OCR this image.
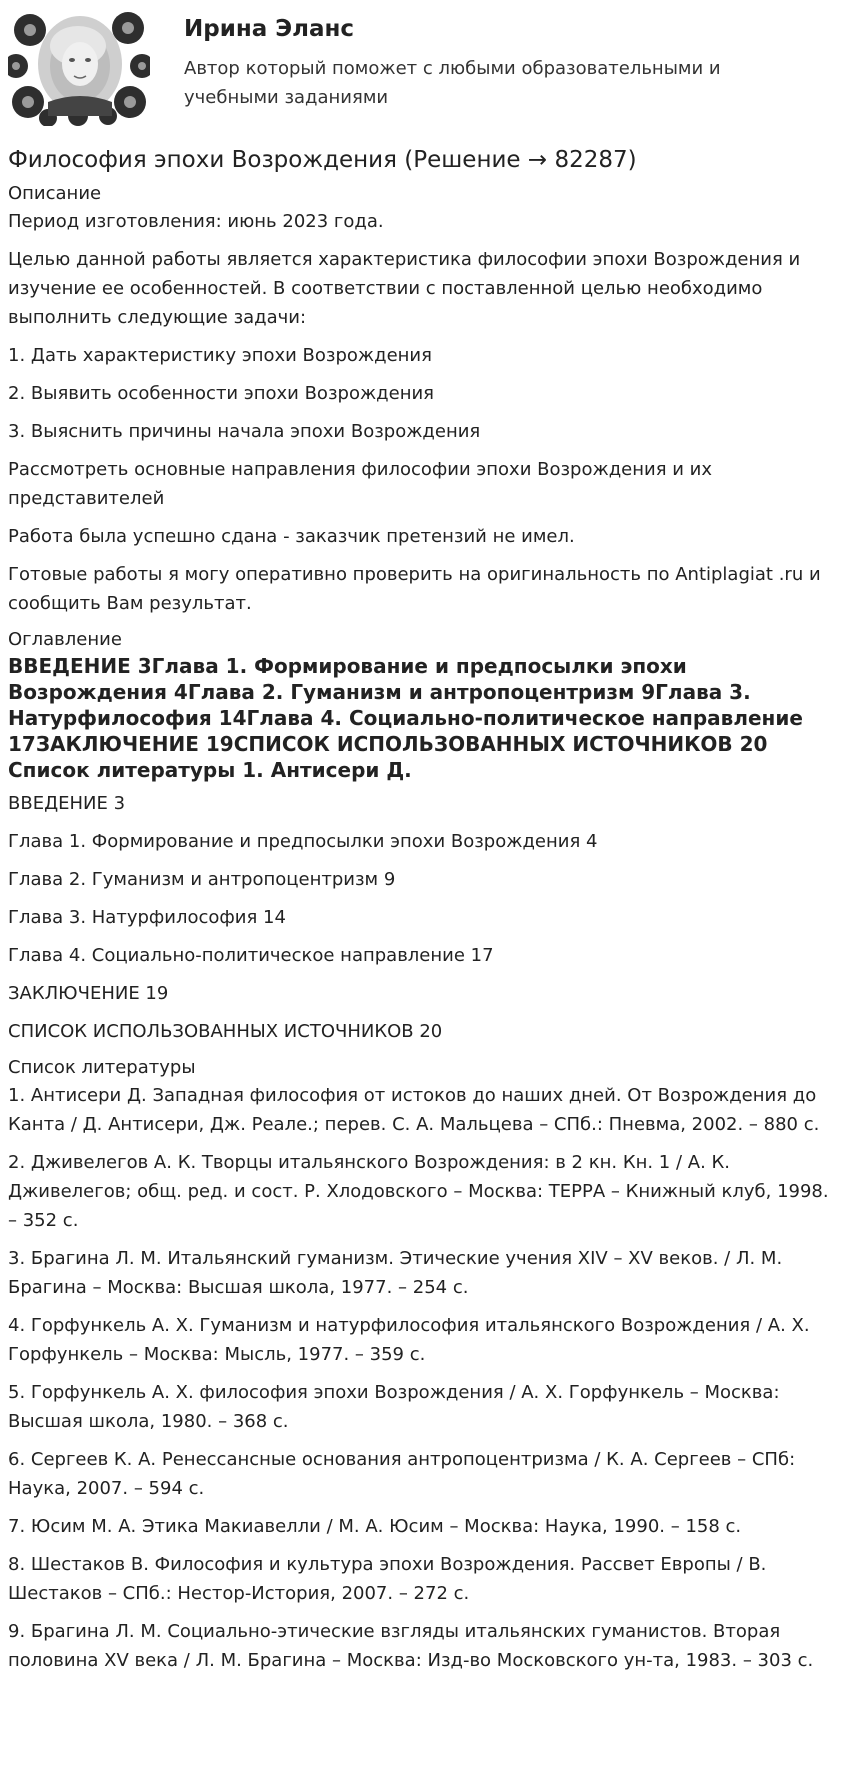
Ирина Эланс
Автор который поможет с любыми образовательными и учебными заданиями
Философия эпохи Возрождения (Решение → 82287)
Описание
Период изготовления: июнь 2023 года.
Целью данной работы является характеристика философии эпохи Возрождения и изучение ее особенностей. В соответствии с поставленной целью необходимо выполнить следующие задачи:
1. Дать характеристику эпохи Возрождения
2. Выявить особенности эпохи Возрождения
3. Выяснить причины начала эпохи Возрождения
Рассмотреть основные направления философии эпохи Возрождения и их представителей
Работа была успешно сдана - заказчик претензий не имел.
Готовые работы я могу оперативно проверить на оригинальность по Antiplagiat .ru и сообщить Вам результат.
Оглавление
ВВЕДЕНИЕ 3Глава 1. Формирование и предпосылки эпохи Возрождения 4Глава 2. Гуманизм и антропоцентризм 9Глава 3. Натурфилософия 14Глава 4. Социально-политическое направление 17ЗАКЛЮЧЕНИЕ 19СПИСОК ИСПОЛЬЗОВАННЫХ ИСТОЧНИКОВ 20 Список литературы 1. Антисери Д.
ВВЕДЕНИЕ 3
Глава 1. Формирование и предпосылки эпохи Возрождения 4
Глава 2. Гуманизм и антропоцентризм 9
Глава 3. Натурфилософия 14
Глава 4. Социально-политическое направление 17
ЗАКЛЮЧЕНИЕ 19
СПИСОК ИСПОЛЬЗОВАННЫХ ИСТОЧНИКОВ 20
Список литературы
1. Антисери Д. Западная философия от истоков до наших дней. От Возрождения до Канта / Д. Антисери, Дж. Реале.; перев. С. А. Мальцева – СПб.: Пневма, 2002. – 880 с.
2. Дживелегов А. К. Творцы итальянского Возрождения: в 2 кн. Кн. 1 / А. К. Дживелегов; общ. ред. и сост. Р. Хлодовского – Москва: ТЕРРА – Книжный клуб, 1998. – 352 с.
3. Брагина Л. М. Итальянский гуманизм. Этические учения XIV – XV веков. / Л. М. Брагина – Москва: Высшая школа, 1977. – 254 с.
4. Горфункель А. Х. Гуманизм и натурфилософия итальянского Возрождения / А. Х. Горфункель – Москва: Мысль, 1977. – 359 с.
5. Горфункель А. Х. философия эпохи Возрождения / А. Х. Горфункель – Москва: Высшая школа, 1980. – 368 с.
6. Сергеев К. А. Ренессансные основания антропоцентризма / К. А. Сергеев – СПб: Наука, 2007. – 594 с.
7. Юсим М. А. Этика Макиавелли / М. А. Юсим – Москва: Наука, 1990. – 158 с.
8. Шестаков В. Философия и культура эпохи Возрождения. Рассвет Европы / В. Шестаков – СПб.: Нестор-История, 2007. – 272 с.
9. Брагина Л. М. Социально-этические взгляды итальянских гуманистов. Вторая половина XV века / Л. М. Брагина – Москва: Изд-во Московского ун-та, 1983. – 303 с.
